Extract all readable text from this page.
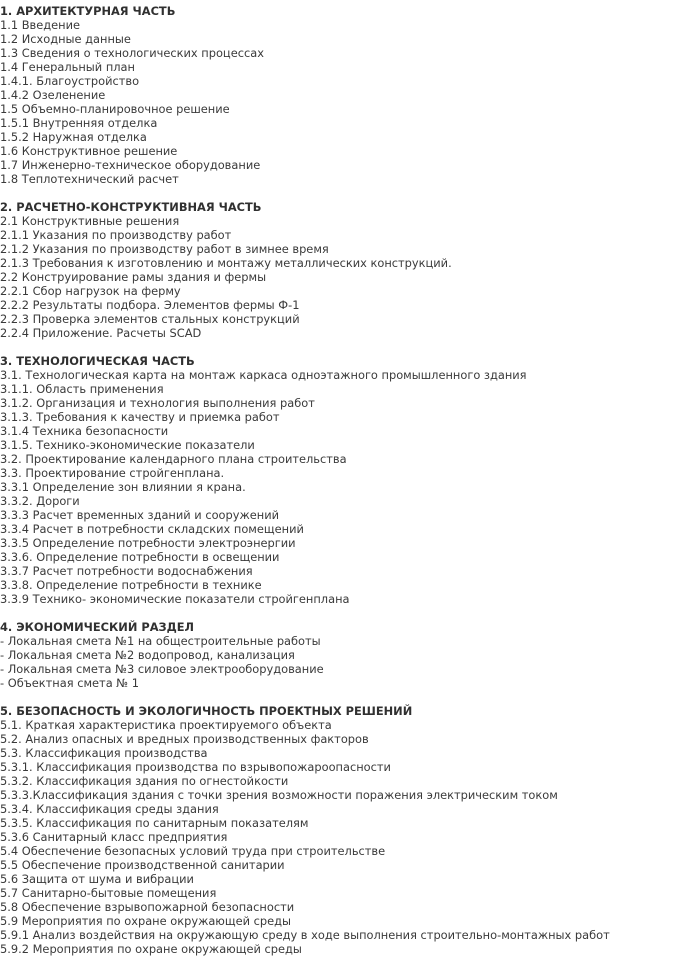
1. АРХИТЕКТУРНАЯ ЧАСТЬ
1.1 Введение
1.2 Исходные данные
1.3 Сведения о технологических процессах
1.4 Генеральный план
1.4.1. Благоустройство
1.4.2 Озеленение
1.5 Объемно-планировочное решение
1.5.1 Внутренняя отделка
1.5.2 Наружная отделка
1.6 Конструктивное решение
1.7 Инженерно-техническое оборудование
1.8 Теплотехнический расчет
2. РАСЧЕТНО-КОНСТРУКТИВНАЯ ЧАСТЬ
2.1 Конструктивные решения
2.1.1 Указания по производству работ
2.1.2 Указания по производству работ в зимнее время
2.1.3 Требования к изготовлению и монтажу металлических конструкций.
2.2 Конструирование рамы здания и фермы
2.2.1 Сбор нагрузок на ферму
2.2.2 Результаты подбора. Элементов фермы Ф-1
2.2.3 Проверка элементов стальных конструкций
2.2.4 Приложение. Расчеты SCAD
3. ТЕХНОЛОГИЧЕСКАЯ ЧАСТЬ
3.1. Технологическая карта на монтаж каркаса одноэтажного промышленного здания
3.1.1. Область применения
3.1.2. Организация и технология выполнения работ
3.1.3. Требования к качеству и приемка работ
3.1.4 Техника безопасности
3.1.5. Технико-экономические показатели
3.2. Проектирование календарного плана строительства
3.3. Проектирование стройгенплана.
3.3.1 Определение зон влиянии я крана.
3.3.2. Дороги
3.3.3 Расчет временных зданий и сооружений
3.3.4 Расчет в потребности складских помещений
3.3.5 Определение потребности электроэнергии
3.3.6. Определение потребности в освещении
3.3.7 Расчет потребности водоснабжения
3.3.8. Определение потребности в технике
3.3.9 Технико- экономические показатели стройгенплана
4. ЭКОНОМИЧЕСКИЙ РАЗДЕЛ
- Локальная смета №1 на общестроительные работы
- Локальная смета №2 водопровод, канализация
- Локальная смета №3 силовое электрооборудование
- Объектная смета № 1
5. БЕЗОПАСНОСТЬ И ЭКОЛОГИЧНОСТЬ ПРОЕКТНЫХ РЕШЕНИЙ
5.1. Краткая характеристика проектируемого объекта
5.2. Анализ опасных и вредных производственных факторов
5.3. Классификация производства
5.3.1. Классификация производства по взрывопожароопасности
5.3.2. Классификация здания по огнестойкости
5.3.3.Классификация здания с точки зрения возможности поражения электрическим током
5.3.4. Классификация среды здания
5.3.5. Классификация по санитарным показателям
5.3.6 Санитарный класс предприятия
5.4 Обеспечение безопасных условий труда при строительстве
5.5 Обеспечение производственной санитарии
5.6 Защита от шума и вибрации
5.7 Санитарно-бытовые помещения
5.8 Обеспечение взрывопожарной безопасности
5.9 Мероприятия по охране окружающей среды
5.9.1 Анализ воздействия на окружающую среду в ходе выполнения строительно-монтажных работ
5.9.2 Мероприятия по охране окружающей среды
